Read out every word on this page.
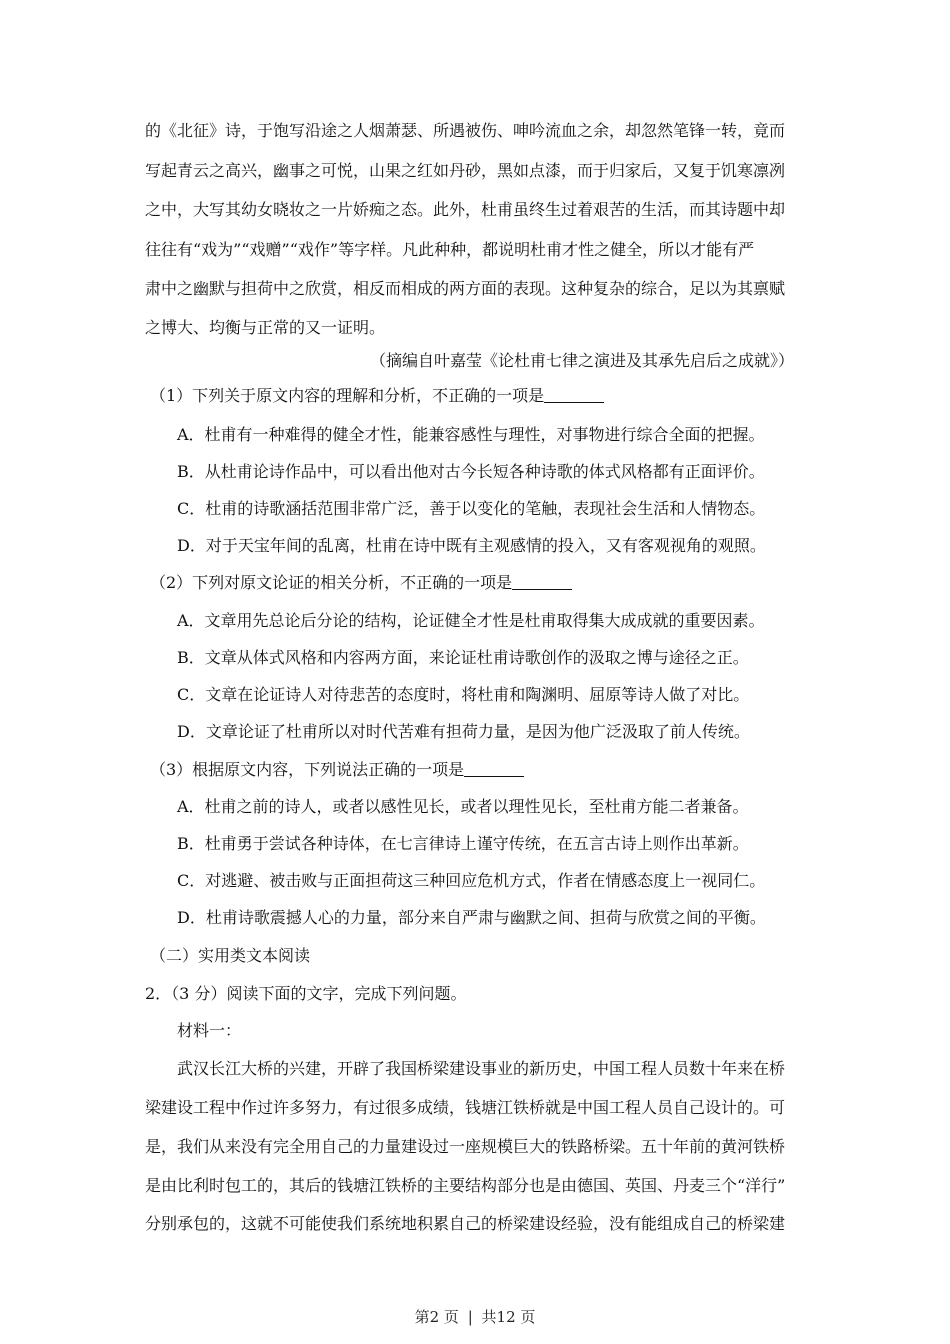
的《北征》诗，于饱写沿途之人烟萧瑟、所遇被伤、呻吟流血之余，却忽然笔锋一转，竟而
写起青云之高兴，幽事之可悦，山果之红如丹砂，黑如点漆，而于归家后，又复于饥寒凛冽
之中，大写其幼女晓妆之一片娇痴之态。此外，杜甫虽终生过着艰苦的生活，而其诗题中却
往往有“戏为”“戏赠”“戏作”等字样。凡此种种，都说明杜甫才性之健全，所以才能有严
肃中之幽默与担荷中之欣赏，相反而相成的两方面的表现。这种复杂的综合，足以为其禀赋
之博大、均衡与正常的又一证明。
（摘编自叶嘉莹《论杜甫七律之演进及其承先启后之成就》）
（1）下列关于原文内容的理解和分析，不正确的一项是
A．杜甫有一种难得的健全才性，能兼容感性与理性，对事物进行综合全面的把握。
B．从杜甫论诗作品中，可以看出他对古今长短各种诗歌的体式风格都有正面评价。
C．杜甫的诗歌涵括范围非常广泛，善于以变化的笔触，表现社会生活和人情物态。
D．对于天宝年间的乱离，杜甫在诗中既有主观感情的投入，又有客观视角的观照。
（2）下列对原文论证的相关分析，不正确的一项是
A．文章用先总论后分论的结构，论证健全才性是杜甫取得集大成成就的重要因素。
B．文章从体式风格和内容两方面，来论证杜甫诗歌创作的汲取之博与途径之正。
C．文章在论证诗人对待悲苦的态度时，将杜甫和陶渊明、屈原等诗人做了对比。
D．文章论证了杜甫所以对时代苦难有担荷力量，是因为他广泛汲取了前人传统。
（3）根据原文内容，下列说法正确的一项是
A．杜甫之前的诗人，或者以感性见长，或者以理性见长，至杜甫方能二者兼备。
B．杜甫勇于尝试各种诗体，在七言律诗上谨守传统，在五言古诗上则作出革新。
C．对逃避、被击败与正面担荷这三种回应危机方式，作者在情感态度上一视同仁。
D．杜甫诗歌震撼人心的力量，部分来自严肃与幽默之间、担荷与欣赏之间的平衡。
（二）实用类文本阅读
2．（3 分）阅读下面的文字，完成下列问题。
材料一：
武汉长江大桥的兴建，开辟了我国桥梁建设事业的新历史，中国工程人员数十年来在桥
梁建设工程中作过许多努力，有过很多成绩，钱塘江铁桥就是中国工程人员自己设计的。可
是，我们从来没有完全用自己的力量建设过一座规模巨大的铁路桥梁。五十年前的黄河铁桥
是由比利时包工的，其后的钱塘江铁桥的主要结构部分也是由德国、英国、丹麦三个“洋行”
分别承包的，这就不可能使我们系统地积累自己的桥梁建设经验，没有能组成自己的桥梁建
第2 页 | 共12 页
